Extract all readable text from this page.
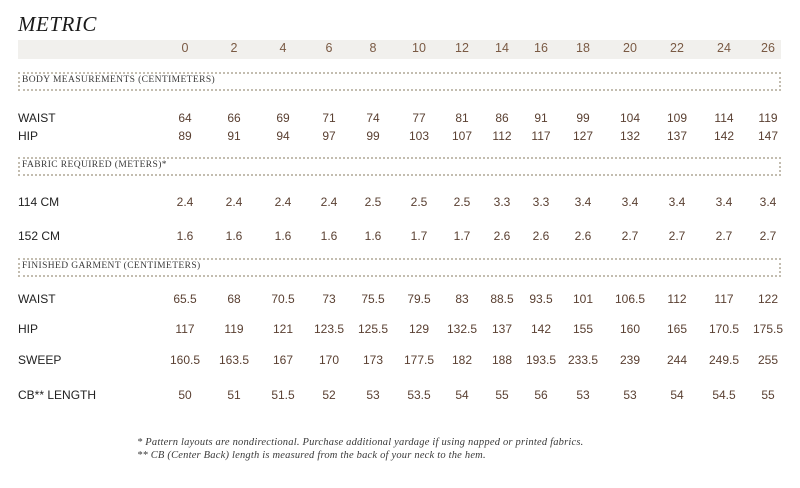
METRIC
0	2	4	6	8	10 12 14 16 18	20	22	24 26
BODY MEASUREMENTS (CENTIMETERS)
FABRIC REQUIRED (METERS)*
FINISHED GARMENT (CENTIMETERS)
WAIST	64	66	69	71	74	77 81 86 91 99	104 109 114 119
HIP	89	91	94	97	99 103 107 112 117 127 132 137 142 147
114 CM	2.4	2.4	2.4 2.4 2.5 2.5 2.5 3.3 3.3 3.4	3.4	3.4	3.4 3.4
152 CM	1.6	1.6	1.6 1.6 1.6 1.7 1.7 2.6 2.6 2.6	2.7	2.7	2.7 2.7
WAIST	65.5	68	70.5 73 75.5 79.5 83 88.5 93.5 101 106.5 112 117 122
HIP	117 119 121 123.5 125.5 129 132.5 137 142 155 160 165 170.5 175.5
SWEEP	160.5 163.5 167 170 173 177.5 182 188 193.5 233.5 239 244 249.5 255
CB** LENGTH	50	51	51.5 52	53 53.5 54 55 56 53	53	54 54.5 55
* Pattern layouts are nondirectional. Purchase additional yardage if using napped or printed fabrics.
** CB (Center Back) length is measured from the back of your neck to the hem.
